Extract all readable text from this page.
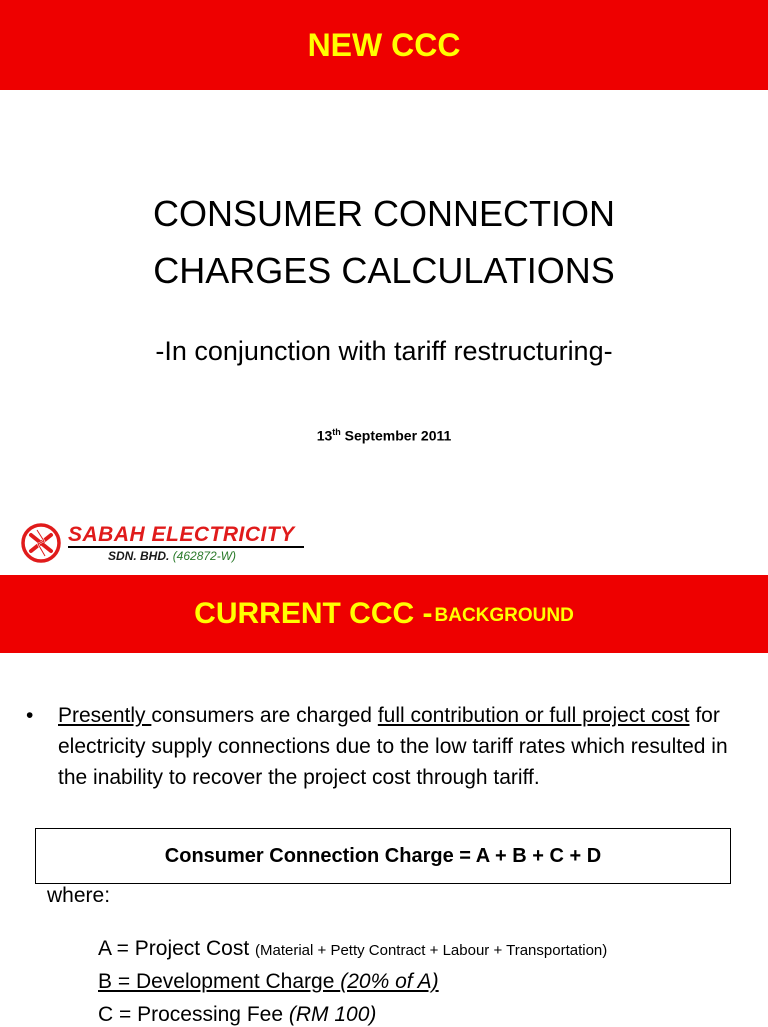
NEW CCC
CONSUMER CONNECTION
CHARGES CALCULATIONS
-In conjunction with tariff restructuring-
13th September 2011
SABAH ELECTRICITY
SDN. BHD. (462872-W)
CURRENT CCC - BACKGROUND
• Presently consumers are charged full contribution or full project cost for electricity supply connections due to the low tariff rates which resulted in the inability to recover the project cost through tariff.
Consumer Connection Charge = A + B + C + D
where:
A = Project Cost (Material + Petty Contract + Labour + Transportation)
B = Development Charge (20% of A)
C = Processing Fee (RM 100)
